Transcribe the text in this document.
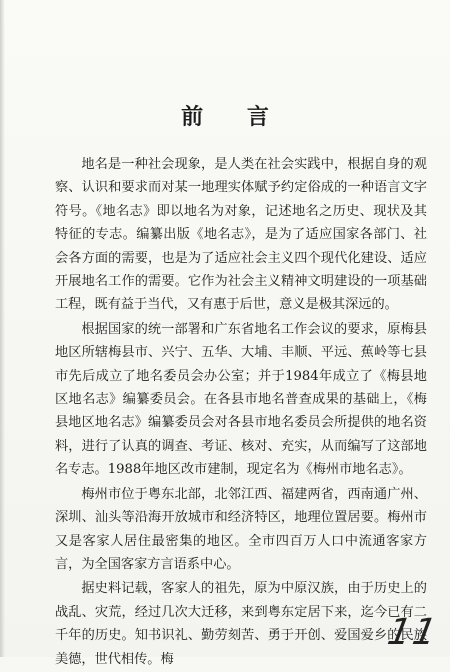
前 言

地名是一种社会现象，是人类在社会实践中，根据自身的观察、认识和要求而对某一地理实体赋予约定俗成的一种语言文字符号。《地名志》即以地名为对象，记述地名之历史、现状及其特征的专志。编纂出版《地名志》，是为了适应国家各部门、社会各方面的需要，也是为了适应社会主义四个现代化建设、适应开展地名工作的需要。它作为社会主义精神文明建设的一项基础工程，既有益于当代，又有惠于后世，意义是极其深远的。

根据国家的统一部署和广东省地名工作会议的要求，原梅县地区所辖梅县市、兴宁、五华、大埔、丰顺、平远、蕉岭等七县市先后成立了地名委员会办公室；并于1984年成立了《梅县地区地名志》编纂委员会。在各县市地名普查成果的基础上，《梅县地区地名志》编纂委员会对各县市地名委员会所提供的地名资料，进行了认真的调查、考证、核对、充实，从而编写了这部地名专志。1988年地区改市建制，现定名为《梅州市地名志》。

梅州市位于粤东北部，北邻江西、福建两省，西南通广州、深圳、汕头等沿海开放城市和经济特区，地理位置居要。梅州市又是客家人居住最密集的地区。全市四百万人口中流通客家方言，为全国客家方言语系中心。

据史料记载，客家人的祖先，原为中原汉族，由于历史上的战乱、灾荒，经过几次大迁移，来到粤东定居下来，迄今已有二千年的历史。知书识礼、勤劳刻苦、勇于开创、爱国爱乡的民族美德，世代相传。梅

11
